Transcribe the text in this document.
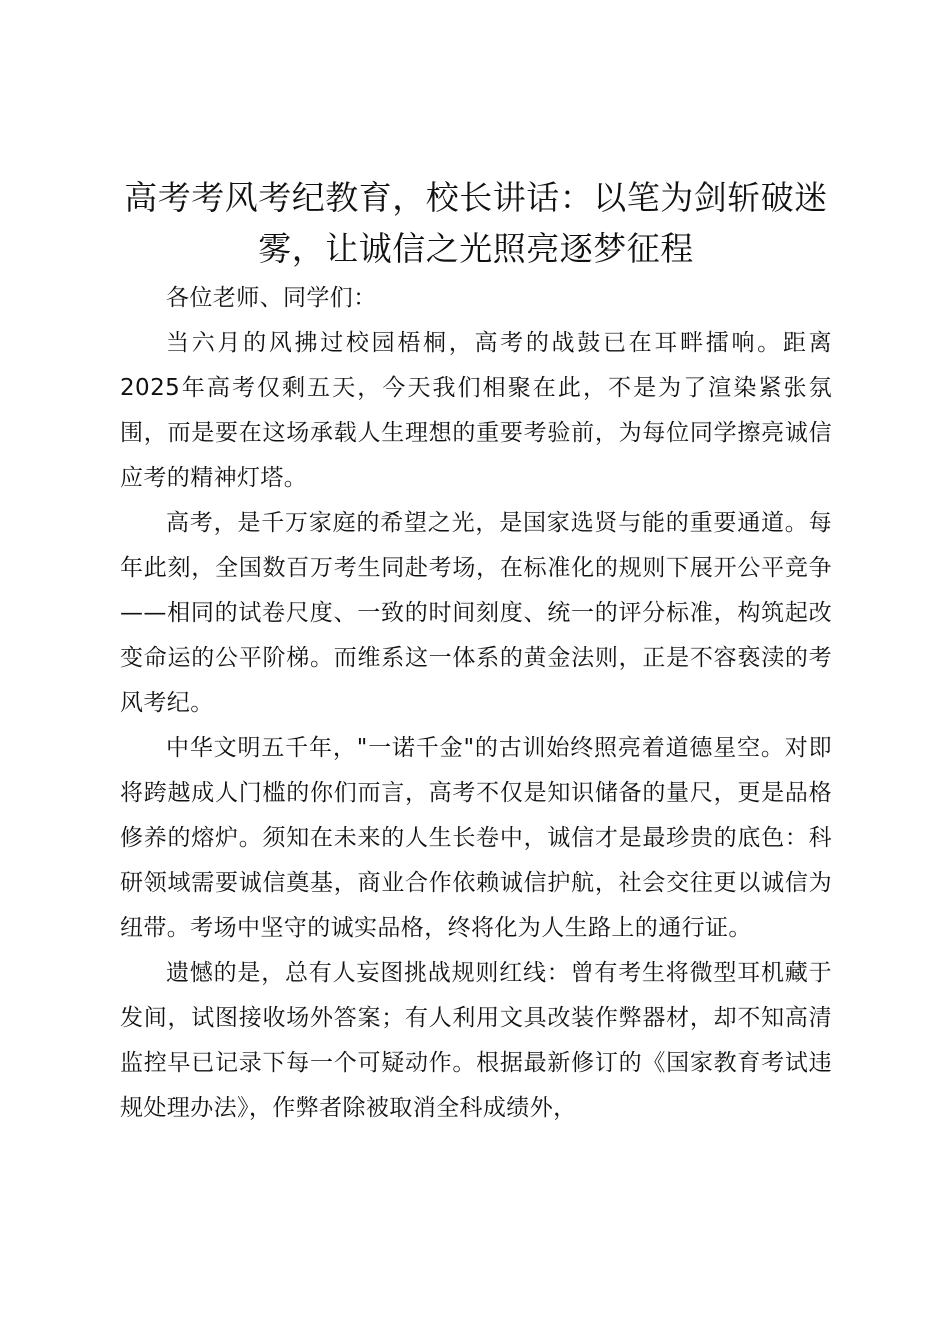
高考考风考纪教育，校长讲话：以笔为剑斩破迷雾，让诚信之光照亮逐梦征程

各位老师、同学们：

当六月的风拂过校园梧桐，高考的战鼓已在耳畔擂响。距离2025年高考仅剩五天，今天我们相聚在此，不是为了渲染紧张氛围，而是要在这场承载人生理想的重要考验前，为每位同学擦亮诚信应考的精神灯塔。

高考，是千万家庭的希望之光，是国家选贤与能的重要通道。每年此刻，全国数百万考生同赴考场，在标准化的规则下展开公平竞争——相同的试卷尺度、一致的时间刻度、统一的评分标准，构筑起改变命运的公平阶梯。而维系这一体系的黄金法则，正是不容亵渎的考风考纪。

中华文明五千年，"一诺千金"的古训始终照亮着道德星空。对即将跨越成人门槛的你们而言，高考不仅是知识储备的量尺，更是品格修养的熔炉。须知在未来的人生长卷中，诚信才是最珍贵的底色：科研领域需要诚信奠基，商业合作依赖诚信护航，社会交往更以诚信为纽带。考场中坚守的诚实品格，终将化为人生路上的通行证。

遗憾的是，总有人妄图挑战规则红线：曾有考生将微型耳机藏于发间，试图接收场外答案；有人利用文具改装作弊器材，却不知高清监控早已记录下每一个可疑动作。根据最新修订的《国家教育考试违规处理办法》，作弊者除被取消全科成绩外，
